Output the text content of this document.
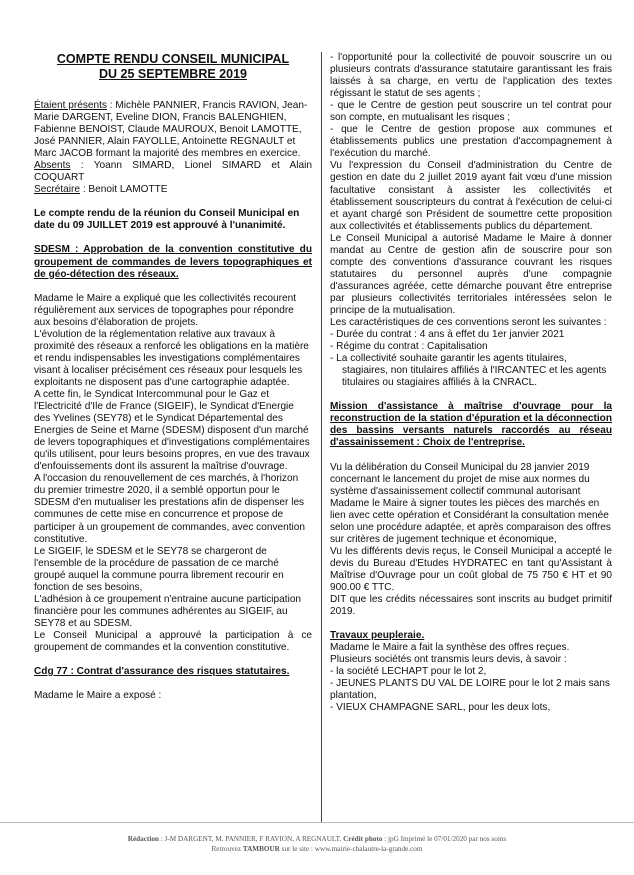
COMPTE RENDU CONSEIL MUNICIPAL

DU 25 SEPTEMBRE 2019

Étaient présents : Michèle PANNIER, Francis RAVION, Jean-Marie DARGENT, Eveline DION, Francis BALENGHIEN, Fabienne BENOIST, Claude MAUROUX, Benoit LAMOTTE, José PANNIER, Alain FAYOLLE, Antoinette REGNAULT et Marc JACOB formant la majorité des membres en exercice.

Absents : Yoann SIMARD, Lionel SIMARD et Alain COQUART

Secrétaire : Benoit LAMOTTE

Le compte rendu de la réunion du Conseil Municipal en date du 09 JUILLET 2019 est approuvé à l'unanimité.

SDESM : Approbation de la convention constitutive du groupement de commandes de levers topographiques et de géo-détection des réseaux.

Madame le Maire a expliqué que les collectivités recourent régulièrement aux services de topographes pour répondre aux besoins d'élaboration de projets.

L'évolution de la réglementation relative aux travaux à proximité des réseaux a renforcé les obligations en la matière et rendu indispensables les investigations complémentaires visant à localiser précisément ces réseaux pour lesquels les exploitants ne disposent pas d'une cartographie adaptée.

A cette fin, le Syndicat Intercommunal pour le Gaz et l'Electricité d'Ile de France (SIGEIF), le Syndicat d'Energie des Yvelines (SEY78) et le Syndicat Départemental des Energies de Seine et Marne (SDESM) disposent d'un marché de levers topographiques et d'investigations complémentaires qu'ils utilisent, pour leurs besoins propres, en vue des travaux d'enfouissements dont ils assurent la maîtrise d'ouvrage.

A l'occasion du renouvellement de ces marchés, à l'horizon du premier trimestre 2020, il a semblé opportun pour le SDESM d'en mutualiser les prestations afin de dispenser les communes de cette mise en concurrence et propose de participer à un groupement de commandes, avec convention constitutive.

Le SIGEIF, le SDESM et le SEY78 se chargeront de l'ensemble de la procédure de passation de ce marché groupé auquel la commune pourra librement recourir en fonction de ses besoins,

L'adhésion à ce groupement n'entraine aucune participation financière pour les communes adhérentes au SIGEIF, au SEY78 et au SDESM.

Le Conseil Municipal a approuvé la participation à ce groupement de commandes et la convention constitutive.

Cdg 77 : Contrat d'assurance des risques statutaires.

Madame le Maire a exposé :

- l'opportunité pour la collectivité de pouvoir souscrire un ou plusieurs contrats d'assurance statutaire garantissant les frais laissés à sa charge, en vertu de l'application des textes régissant le statut de ses agents ;

- que le Centre de gestion peut souscrire un tel contrat pour son compte, en mutualisant les risques ;

- que le Centre de gestion propose aux communes et établissements publics une prestation d'accompagnement à l'exécution du marché.

Vu l'expression du Conseil d'administration du Centre de gestion en date du 2 juillet 2019 ayant fait vœu d'une mission facultative consistant à assister les collectivités et établissement souscripteurs du contrat à l'exécution de celui-ci et ayant chargé son Président de soumettre cette proposition aux collectivités et établissements publics du département.

Le Conseil Municipal a autorisé Madame le Maire à donner mandat au Centre de gestion afin de souscrire pour son compte des conventions d'assurance couvrant les risques statutaires du personnel auprès d'une compagnie d'assurances agréée, cette démarche pouvant être entreprise par plusieurs collectivités territoriales intéressées selon le principe de la mutualisation.

Les caractéristiques de ces conventions seront les suivantes :

- Durée du contrat : 4 ans à effet du 1er janvier 2021
- Régime du contrat : Capitalisation
- La collectivité souhaite garantir les agents titulaires, stagiaires, non titulaires affiliés à l'IRCANTEC et les agents titulaires ou stagiaires affiliés à la CNRACL.

Mission d'assistance à maîtrise d'ouvrage pour la reconstruction de la station d'épuration et la déconnection des bassins versants naturels raccordés au réseau d'assainissement : Choix de l'entreprise.

Vu la délibération du Conseil Municipal du 28 janvier 2019 concernant le lancement du projet de mise aux normes du système d'assainissement collectif communal autorisant Madame le Maire à signer toutes les pièces des marchés en lien avec cette opération et Considérant la consultation menée selon une procédure adaptée, et après comparaison des offres sur critères de jugement technique et économique,

Vu les différents devis reçus, le Conseil Municipal a accepté le devis du Bureau d'Etudes HYDRATEC en tant qu'Assistant à Maîtrise d'Ouvrage pour un coût global de 75 750 € HT et 90 900.00 € TTC.

DIT que les crédits nécessaires sont inscrits au budget primitif 2019.

Travaux peupleraie.

Madame le Maire a fait la synthèse des offres reçues. Plusieurs sociétés ont transmis leurs devis, à savoir :

- la société LECHAPT pour le lot 2,

- JEUNES PLANTS DU VAL DE LOIRE pour le lot 2 mais sans plantation,

- VIEUX CHAMPAGNE SARL, pour les deux lots,

Rédaction : J-M DARGENT, M. PANNIER, F RAVION, A REGNAULT. Crédit photo : jpG Imprimé le 07/01/2020 par nos soins
Retrouvez TAMBOUR sur le site : www.mairie-chalautre-la-grande.com
